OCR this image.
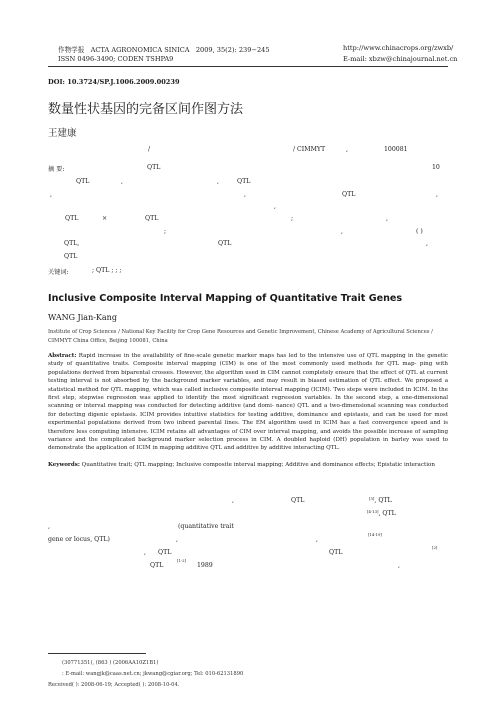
作物学报 ACTA AGRONOMICA SINICA 2009, 35(2): 239−245
ISSN 0496-3490; CODEN TSHPA9
http://www.chinacrops.org/zwxb/
E-mail: xbzw@chinajournal.net.cn
DOI: 10.3724/SP.J.1006.2009.00239
数量性状基因的完备区间作图方法
王建康
/	/ CIMMYT	,	100081
摘 要:	QTL	10
QTL	,	,	QTL
,	,	QTL	,
,
QTL	×	QTL	;	,
;	,	( )
QTL,	QTL	,
QTL
关键词:	; QTL ; ; ;
Inclusive Composite Interval Mapping of Quantitative Trait Genes
WANG Jian-Kang
Institute of Crop Sciences / National Key Facility for Crop Gene Resources and Genetic Improvement, Chinese Academy of Agricultural Sciences / CIMMYT China Office, Beijing 100081, China
Abstract: Rapid increase in the availability of fine-scale genetic marker maps has led to the intensive use of QTL mapping in the genetic study of quantitative traits. Composite interval mapping (CIM) is one of the most commonly used methods for QTL map- ping with populations derived from biparental crosses. However, the algorithm used in CIM cannot completely ensure that the effect of QTL at current testing interval is not absorbed by the background marker variables, and may result in biased estimation of QTL effect. We proposed a statistical method for QTL mapping, which was called inclusive composite interval mapping (ICIM). Two steps were included in ICIM. In the first step, stepwise regression was applied to identify the most significant regression variables. In the second step, a one-dimensional scanning or interval mapping was conducted for detecting additive (and domi- nance) QTL and a two-dimensional scanning was conducted for detecting digenic epistasis. ICIM provides intuitive statistics for testing additive, dominance and epistasis, and can be used for most experimental populations derived from two inbred parental lines. The EM algorithm used in ICIM has a fast convergence speed and is therefore less computing intensive. ICIM retains all advantages of CIM over interval mapping, and avoids the possible increase of sampling variance and the complicated background marker selection process in CIM. A doubled haploid (DH) population in barley was used to demonstrate the application of ICIM in mapping additive QTL and additive by additive interacting QTL.
Keywords: Quantitative trait; QTL mapping; Inclusive composite interval mapping; Additive and dominance effects; Epistatic interaction
,	QTL	[3], QTL
[4-13], QTL
,	(quantitative trait
gene or locus, QTL)	,	,
[14-19]
, QTL	QTL
[2]
QTL
[1-2]
1989	,
(30771351), (863 ) (2006AA10Z1B1)
: E-mail: wangjk@caas.net.cn; jkwang@cgiar.org; Tel: 010-62131890
Received( ): 2008-06-19; Accepted( ): 2008-10-04.
